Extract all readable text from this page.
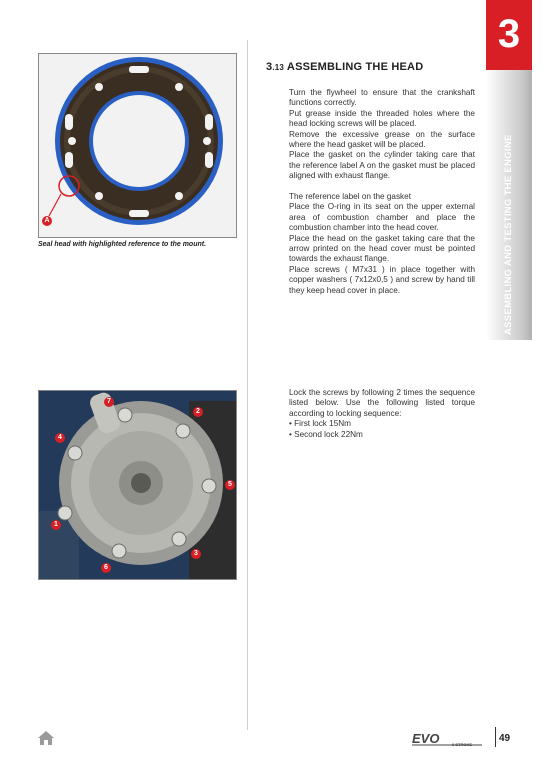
A
Seal head with highlighted reference to the mount.
7
2
4
5
1
3
6
3.13 ASSEMBLING THE HEAD

Turn the flywheel to ensure that the crankshaft functions correctly.

Put grease inside the threaded holes where the head locking screws will be placed.

Remove the excessive grease on the surface where the head gasket will be placed.

Place the gasket on the cylinder taking care that the reference label A on the gasket must be placed aligned with exhaust flange.

The reference label on the gasket

Place the O-ring in its seat on the upper external area of combustion chamber and place the combustion chamber into the head cover.

Place the head on the gasket taking care that the arrow printed on the head cover must be pointed towards the exhaust flange.

Place screws ( M7x31 ) in place together with copper washers ( 7x12x0,5 ) and screw by hand till they keep head cover in place.

Lock the screws by following 2 times the sequence listed below. Use the following listed torque according to locking sequence:

• First lock 15Nm

• Second lock 22Nm

3
ASSEMBLING AND TESTING THE ENGINE
EVO	6 STROKE
49
